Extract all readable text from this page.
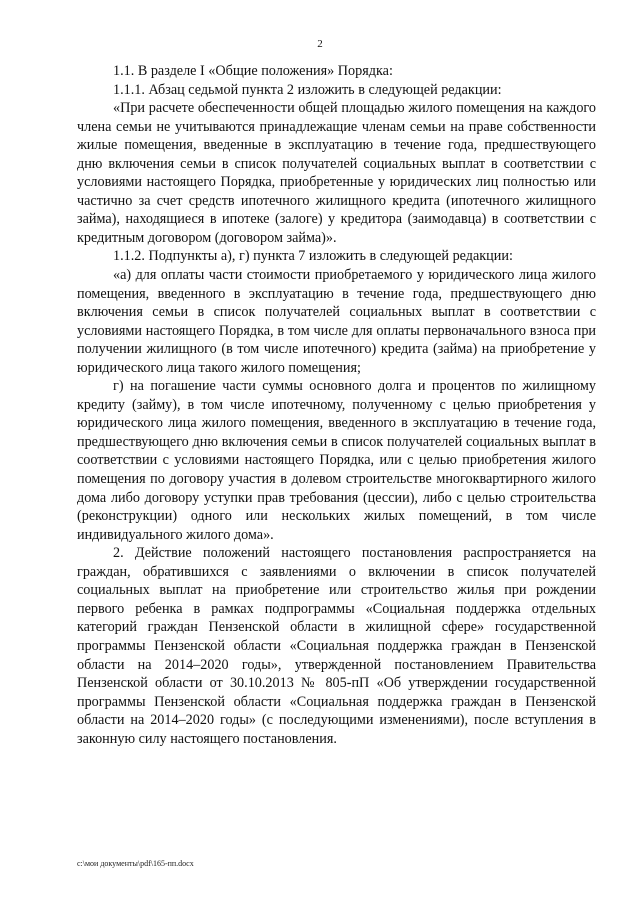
2

1.1. В разделе I «Общие положения» Порядка:

1.1.1. Абзац седьмой пункта 2 изложить в следующей редакции:

«При расчете обеспеченности общей площадью жилого помещения на каждого члена семьи не учитываются принадлежащие членам семьи на праве собственности жилые помещения, введенные в эксплуатацию в течение года, предшествующего дню включения семьи в список получателей социальных выплат в соответствии с условиями настоящего Порядка, приобретенные у юридических лиц полностью или частично за счет средств ипотечного жилищного кредита (ипотечного жилищного займа), находящиеся в ипотеке (залоге) у кредитора (заимодавца) в соответствии с кредитным договором (договором займа)».

1.1.2. Подпункты а), г) пункта 7 изложить в следующей редакции:

«а) для оплаты части стоимости приобретаемого у юридического лица жилого помещения, введенного в эксплуатацию в течение года, предшествующего дню включения семьи в список получателей социальных выплат в соответствии с условиями настоящего Порядка, в том числе для оплаты первоначального взноса при получении жилищного (в том числе ипотечного) кредита (займа) на приобретение у юридического лица такого жилого помещения;

г) на погашение части суммы основного долга и процентов по жилищному кредиту (займу), в том числе ипотечному, полученному с целью приобретения у юридического лица жилого помещения, введенного в эксплуатацию в течение года, предшествующего дню включения семьи в список получателей социальных выплат в соответствии с условиями настоящего Порядка, или с целью приобретения жилого помещения по договору участия в долевом строительстве многоквартирного жилого дома либо договору уступки прав требования (цессии), либо с целью строительства (реконструкции) одного или нескольких жилых помещений, в том числе индивидуального жилого дома».

2. Действие положений настоящего постановления распространяется на граждан, обратившихся с заявлениями о включении в список получателей социальных выплат на приобретение или строительство жилья при рождении первого ребенка в рамках подпрограммы «Социальная поддержка отдельных категорий граждан Пензенской области в жилищной сфере» государственной программы Пензенской области «Социальная поддержка граждан в Пензенской области на 2014–2020 годы», утвержденной постановлением Правительства Пензенской области от 30.10.2013 № 805-пП «Об утверждении государственной программы Пензенской области «Социальная поддержка граждан в Пензенской области на 2014–2020 годы» (с последующими изменениями), после вступления в законную силу настоящего постановления.

c:\мои документы\pdf\165-пп.docx
